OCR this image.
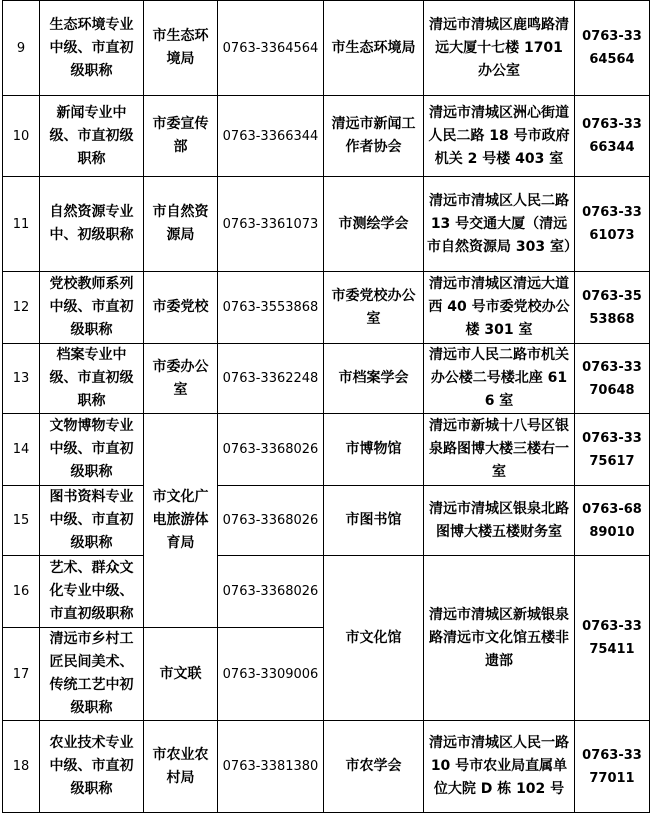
9	生态环境专业中级、市直初级职称	市生态环境局	0763-3364564	市生态环境局	清远市清城区鹿鸣路清远大厦十七楼 1701 办公室	0763-3364564
10	新闻专业中级、市直初级职称	市委宣传部	0763-3366344	清远市新闻工作者协会	清远市清城区洲心街道人民二路 18 号市政府机关 2 号楼 403 室	0763-3366344
11	自然资源专业中、初级职称	市自然资源局	0763-3361073	市测绘学会	清远市清城区人民二路 13 号交通大厦（清远市自然资源局 303 室）	0763-3361073
12	党校教师系列中级、市直初级职称	市委党校	0763-3553868	市委党校办公室	清远市清城区清远大道西 40 号市委党校办公楼 301 室	0763-3553868
13	档案专业中级、市直初级职称	市委办公室	0763-3362248	市档案学会	清远市人民二路市机关办公楼二号楼北座 616 室	0763-3370648
14	文物博物专业中级、市直初级职称	市文化广电旅游体育局	0763-3368026	市博物馆	清远市新城十八号区银泉路图博大楼三楼右一室	0763-3375617
15	图书资料专业中级、市直初级职称		0763-3368026	市图书馆	清远市清城区银泉北路图博大楼五楼财务室	0763-6889010
16	艺术、群众文化专业中级、市直初级职称		0763-3368026	市文化馆	清远市清城区新城银泉路清远市文化馆五楼非遗部	0763-3375411
17	清远市乡村工匠民间美术、传统工艺中初级职称	市文联	0763-3309006			
18	农业技术专业中级、市直初级职称	市农业农村局	0763-3381380	市农学会	清远市清城区人民一路 10 号市农业局直属单位大院 D 栋 102 号	0763-3377011
